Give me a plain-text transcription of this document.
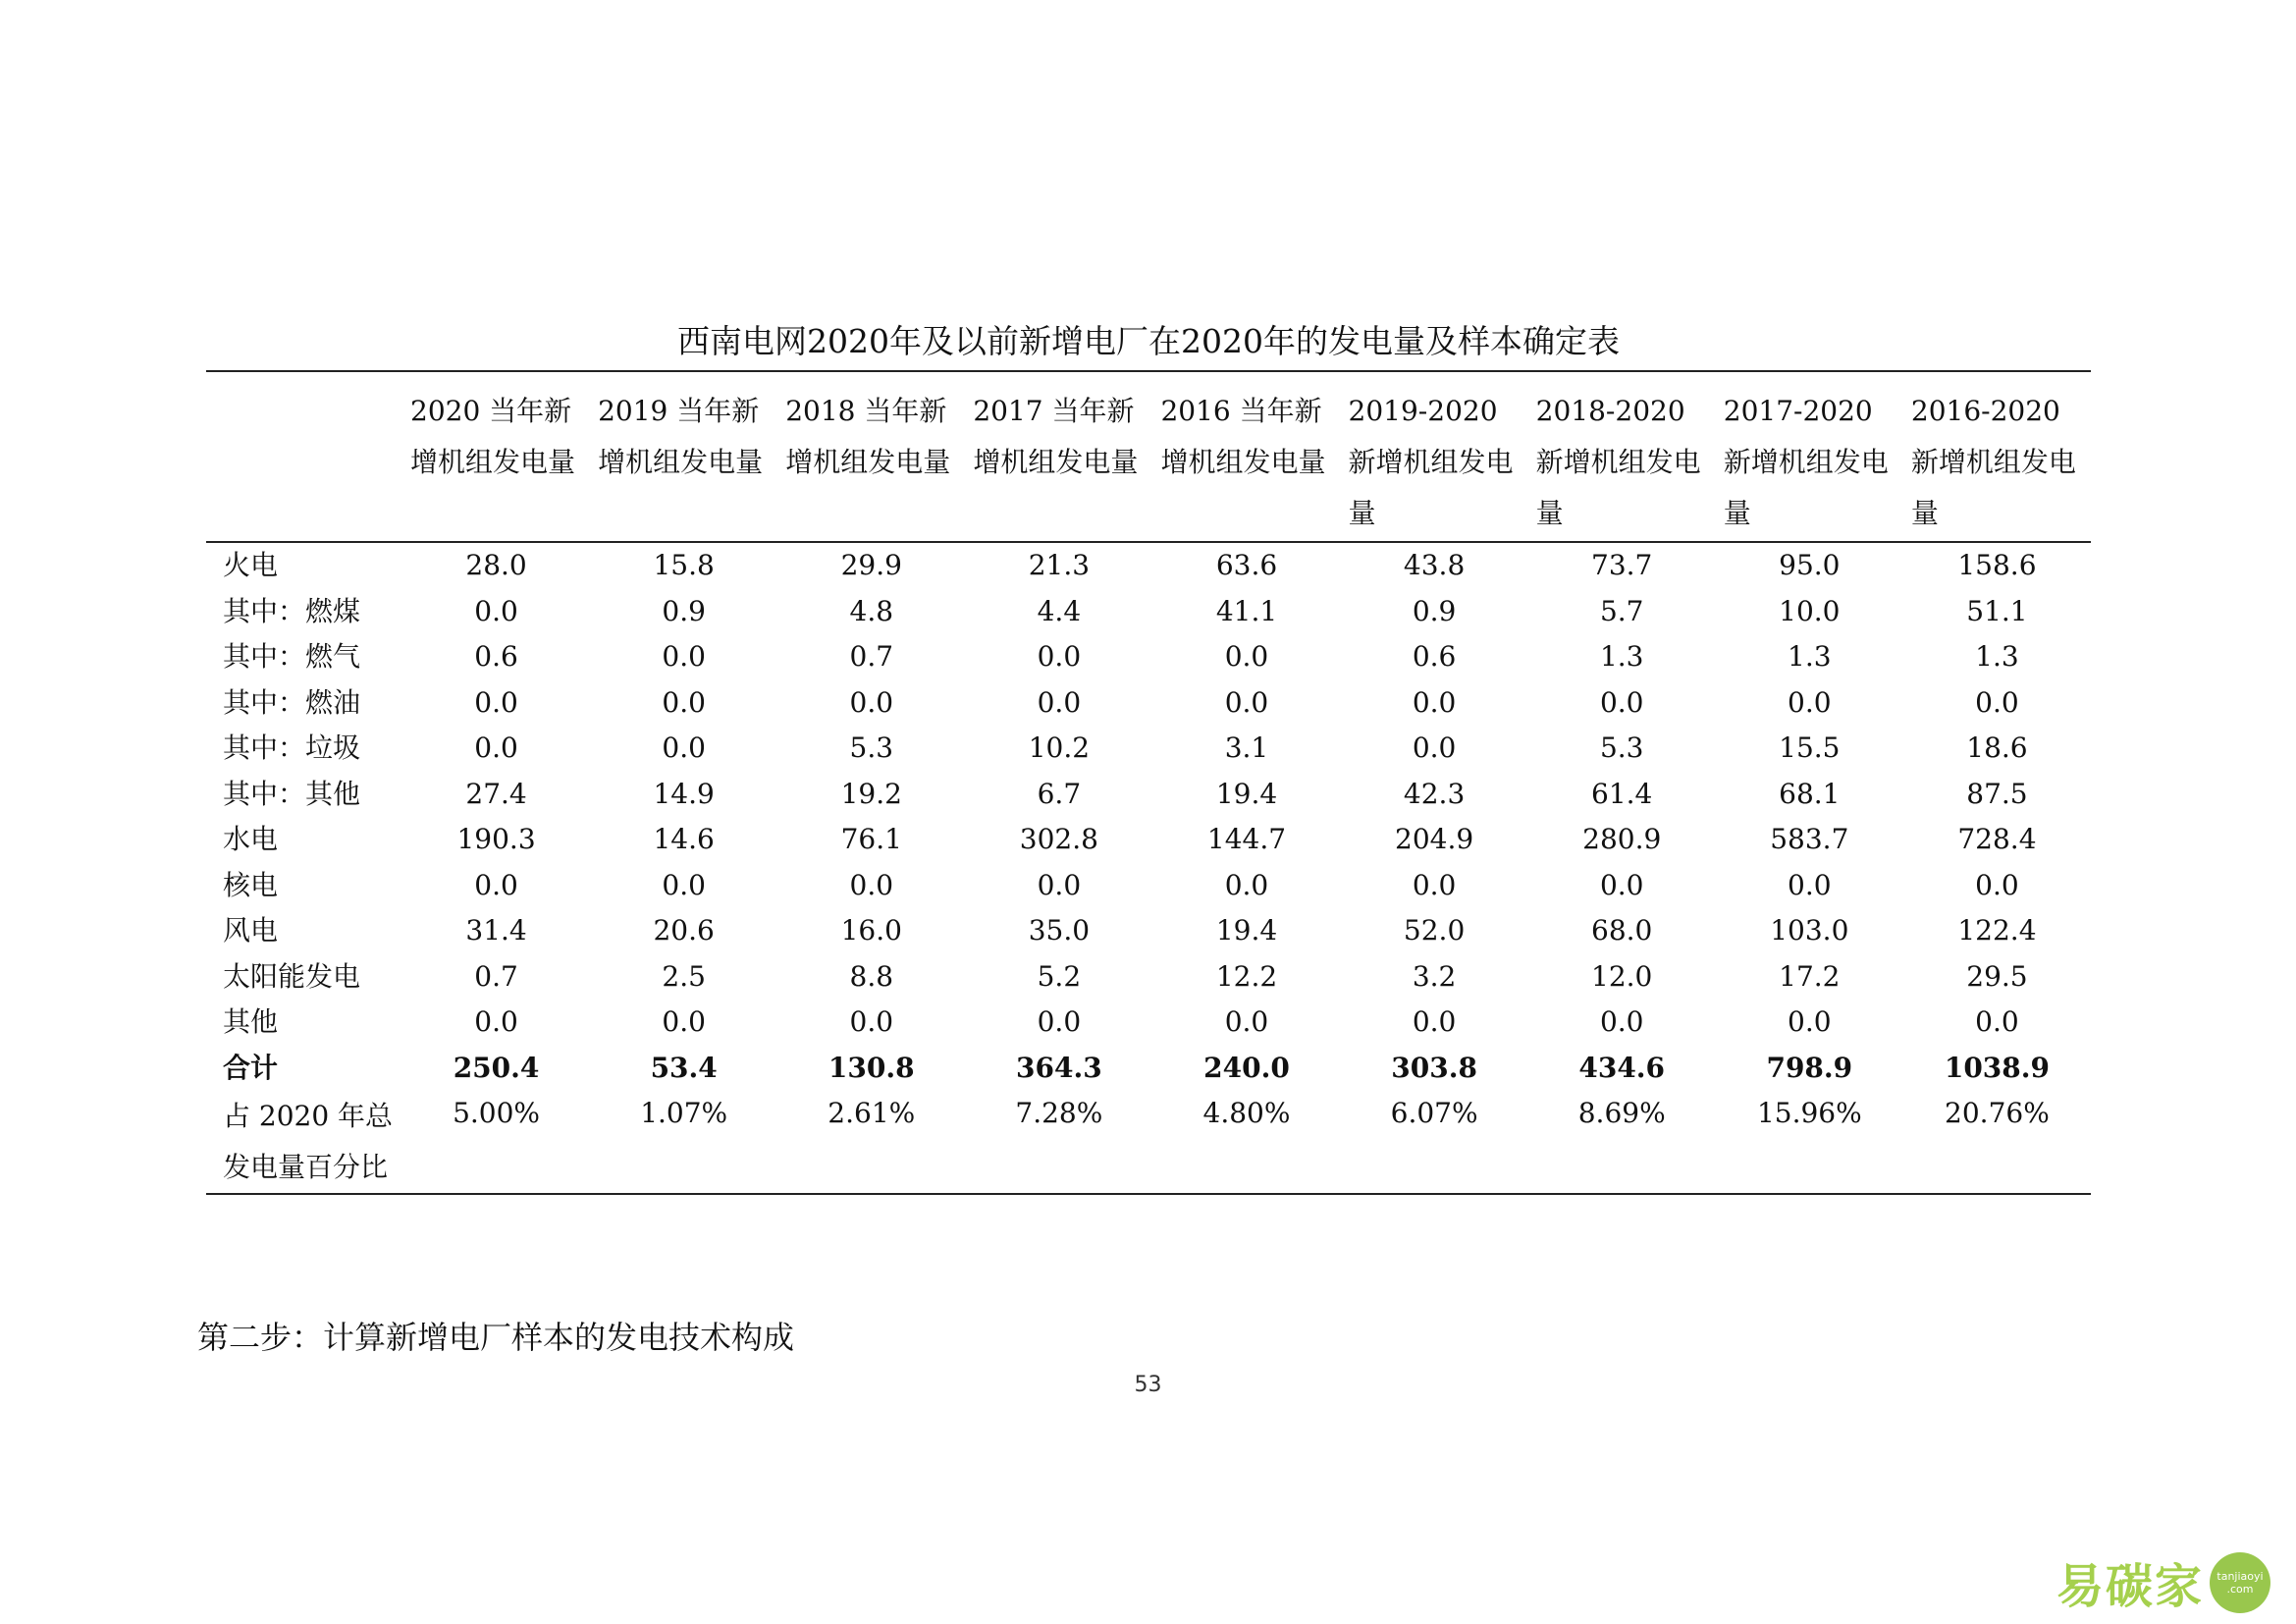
西南电网2020年及以前新增电厂在2020年的发电量及样本确定表
	2020 当年新增机组发电量	2019 当年新增机组发电量	2018 当年新增机组发电量	2017 当年新增机组发电量	2016 当年新增机组发电量	2019-2020 新增机组发电量	2018-2020 新增机组发电量	2017-2020 新增机组发电量	2016-2020 新增机组发电量
火电	28.0	15.8	29.9	21.3	63.6	43.8	73.7	95.0	158.6
其中：燃煤	0.0	0.9	4.8	4.4	41.1	0.9	5.7	10.0	51.1
其中：燃气	0.6	0.0	0.7	0.0	0.0	0.6	1.3	1.3	1.3
其中：燃油	0.0	0.0	0.0	0.0	0.0	0.0	0.0	0.0	0.0
其中：垃圾	0.0	0.0	5.3	10.2	3.1	0.0	5.3	15.5	18.6
其中：其他	27.4	14.9	19.2	6.7	19.4	42.3	61.4	68.1	87.5
水电	190.3	14.6	76.1	302.8	144.7	204.9	280.9	583.7	728.4
核电	0.0	0.0	0.0	0.0	0.0	0.0	0.0	0.0	0.0
风电	31.4	20.6	16.0	35.0	19.4	52.0	68.0	103.0	122.4
太阳能发电	0.7	2.5	8.8	5.2	12.2	3.2	12.0	17.2	29.5
其他	0.0	0.0	0.0	0.0	0.0	0.0	0.0	0.0	0.0
合计	250.4	53.4	130.8	364.3	240.0	303.8	434.6	798.9	1038.9
占 2020 年总发电量百分比	5.00%	1.07%	2.61%	7.28%	4.80%	6.07%	8.69%	15.96%	20.76%
第二步：计算新增电厂样本的发电技术构成
53
易碳家 tanjiaoyi
.com
